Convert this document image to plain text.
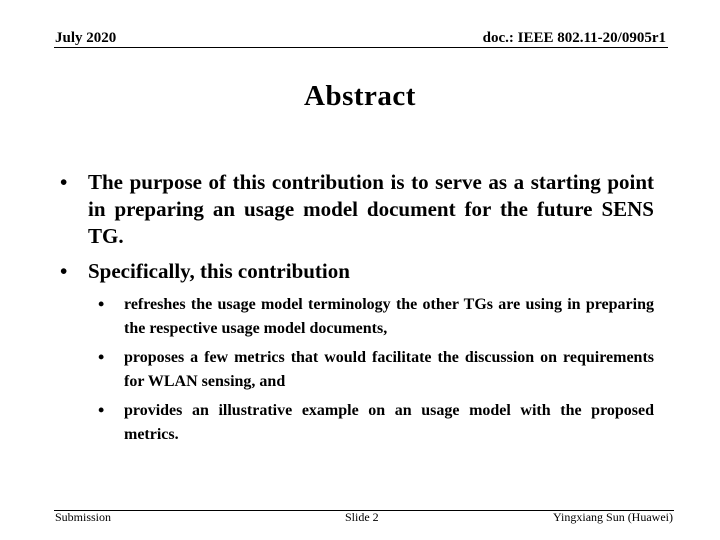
July 2020	doc.: IEEE 802.11-20/0905r1
Abstract
• The purpose of this contribution is to serve as a starting point in preparing an usage model document for the future SENS TG.
• Specifically, this contribution
• refreshes the usage model terminology the other TGs are using in preparing the respective usage model documents,
• proposes a few metrics that would facilitate the discussion on requirements for WLAN sensing, and
• provides an illustrative example on an usage model with the proposed metrics.
Submission	Slide 2	Yingxiang Sun (Huawei)
